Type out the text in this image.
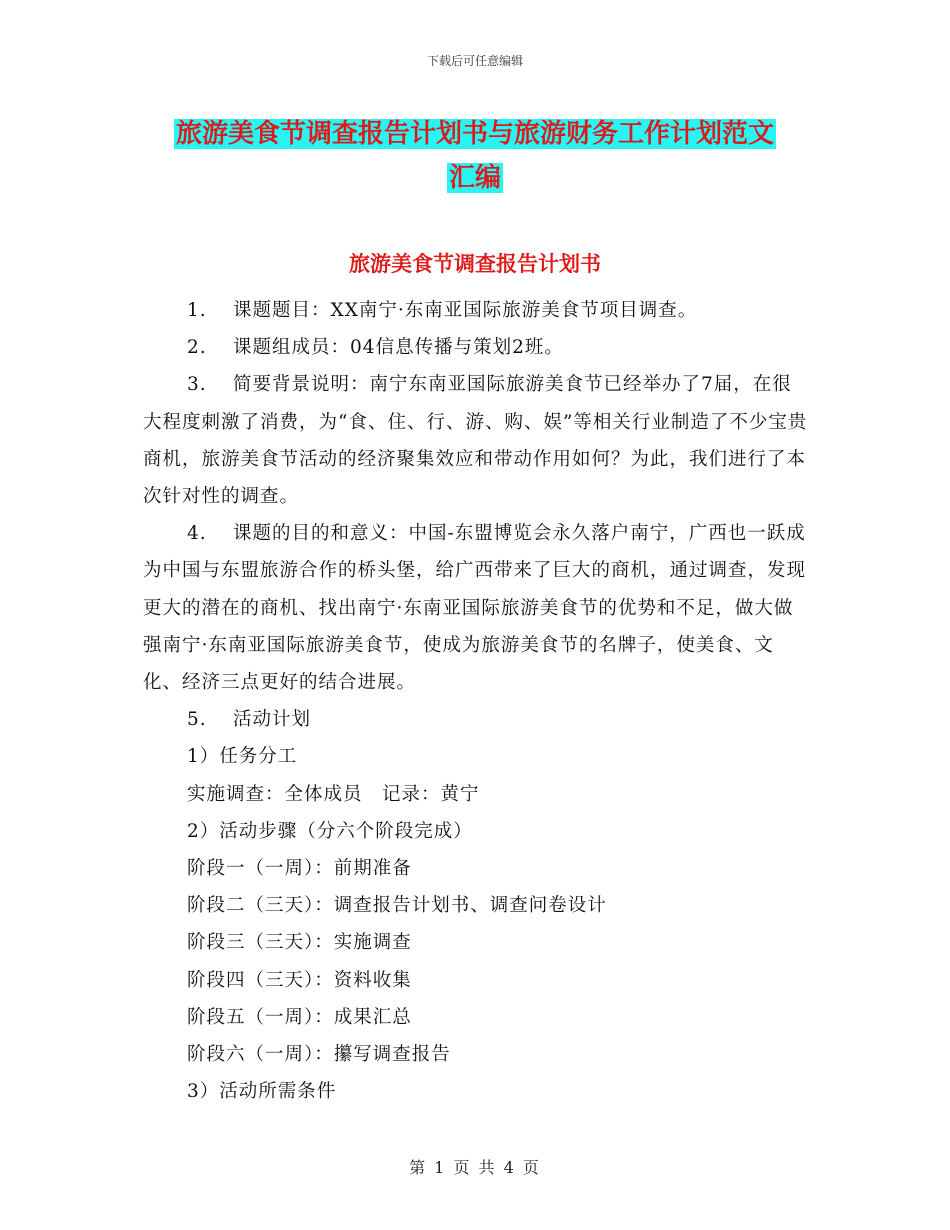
下载后可任意编辑
旅游美食节调查报告计划书与旅游财务工作计划范文
汇编
旅游美食节调查报告计划书

1.　 课题题目：XX南宁·东南亚国际旅游美食节项目调查。

2.　 课题组成员：04信息传播与策划2班。

3.　 简要背景说明：南宁东南亚国际旅游美食节已经举办了7届，在很大程度刺激了消费，为“食、住、行、游、购、娱”等相关行业制造了不少宝贵商机，旅游美食节活动的经济聚集效应和带动作用如何？为此，我们进行了本次针对性的调查。

4.　 课题的目的和意义：中国-东盟博览会永久落户南宁，广西也一跃成为中国与东盟旅游合作的桥头堡，给广西带来了巨大的商机，通过调查，发现更大的潜在的商机、找出南宁·东南亚国际旅游美食节的优势和不足，做大做强南宁·东南亚国际旅游美食节，使成为旅游美食节的名牌子，使美食、文化、经济三点更好的结合进展。

5.　 活动计划

1）任务分工

实施调查：全体成员　记录：黄宁

2）活动步骤（分六个阶段完成）

阶段一（一周）：前期准备

阶段二（三天）：调查报告计划书、调查问卷设计

阶段三（三天）：实施调查

阶段四（三天）：资料收集

阶段五（一周）：成果汇总

阶段六（一周）：攥写调查报告

3）活动所需条件

第 1 页 共 4 页
